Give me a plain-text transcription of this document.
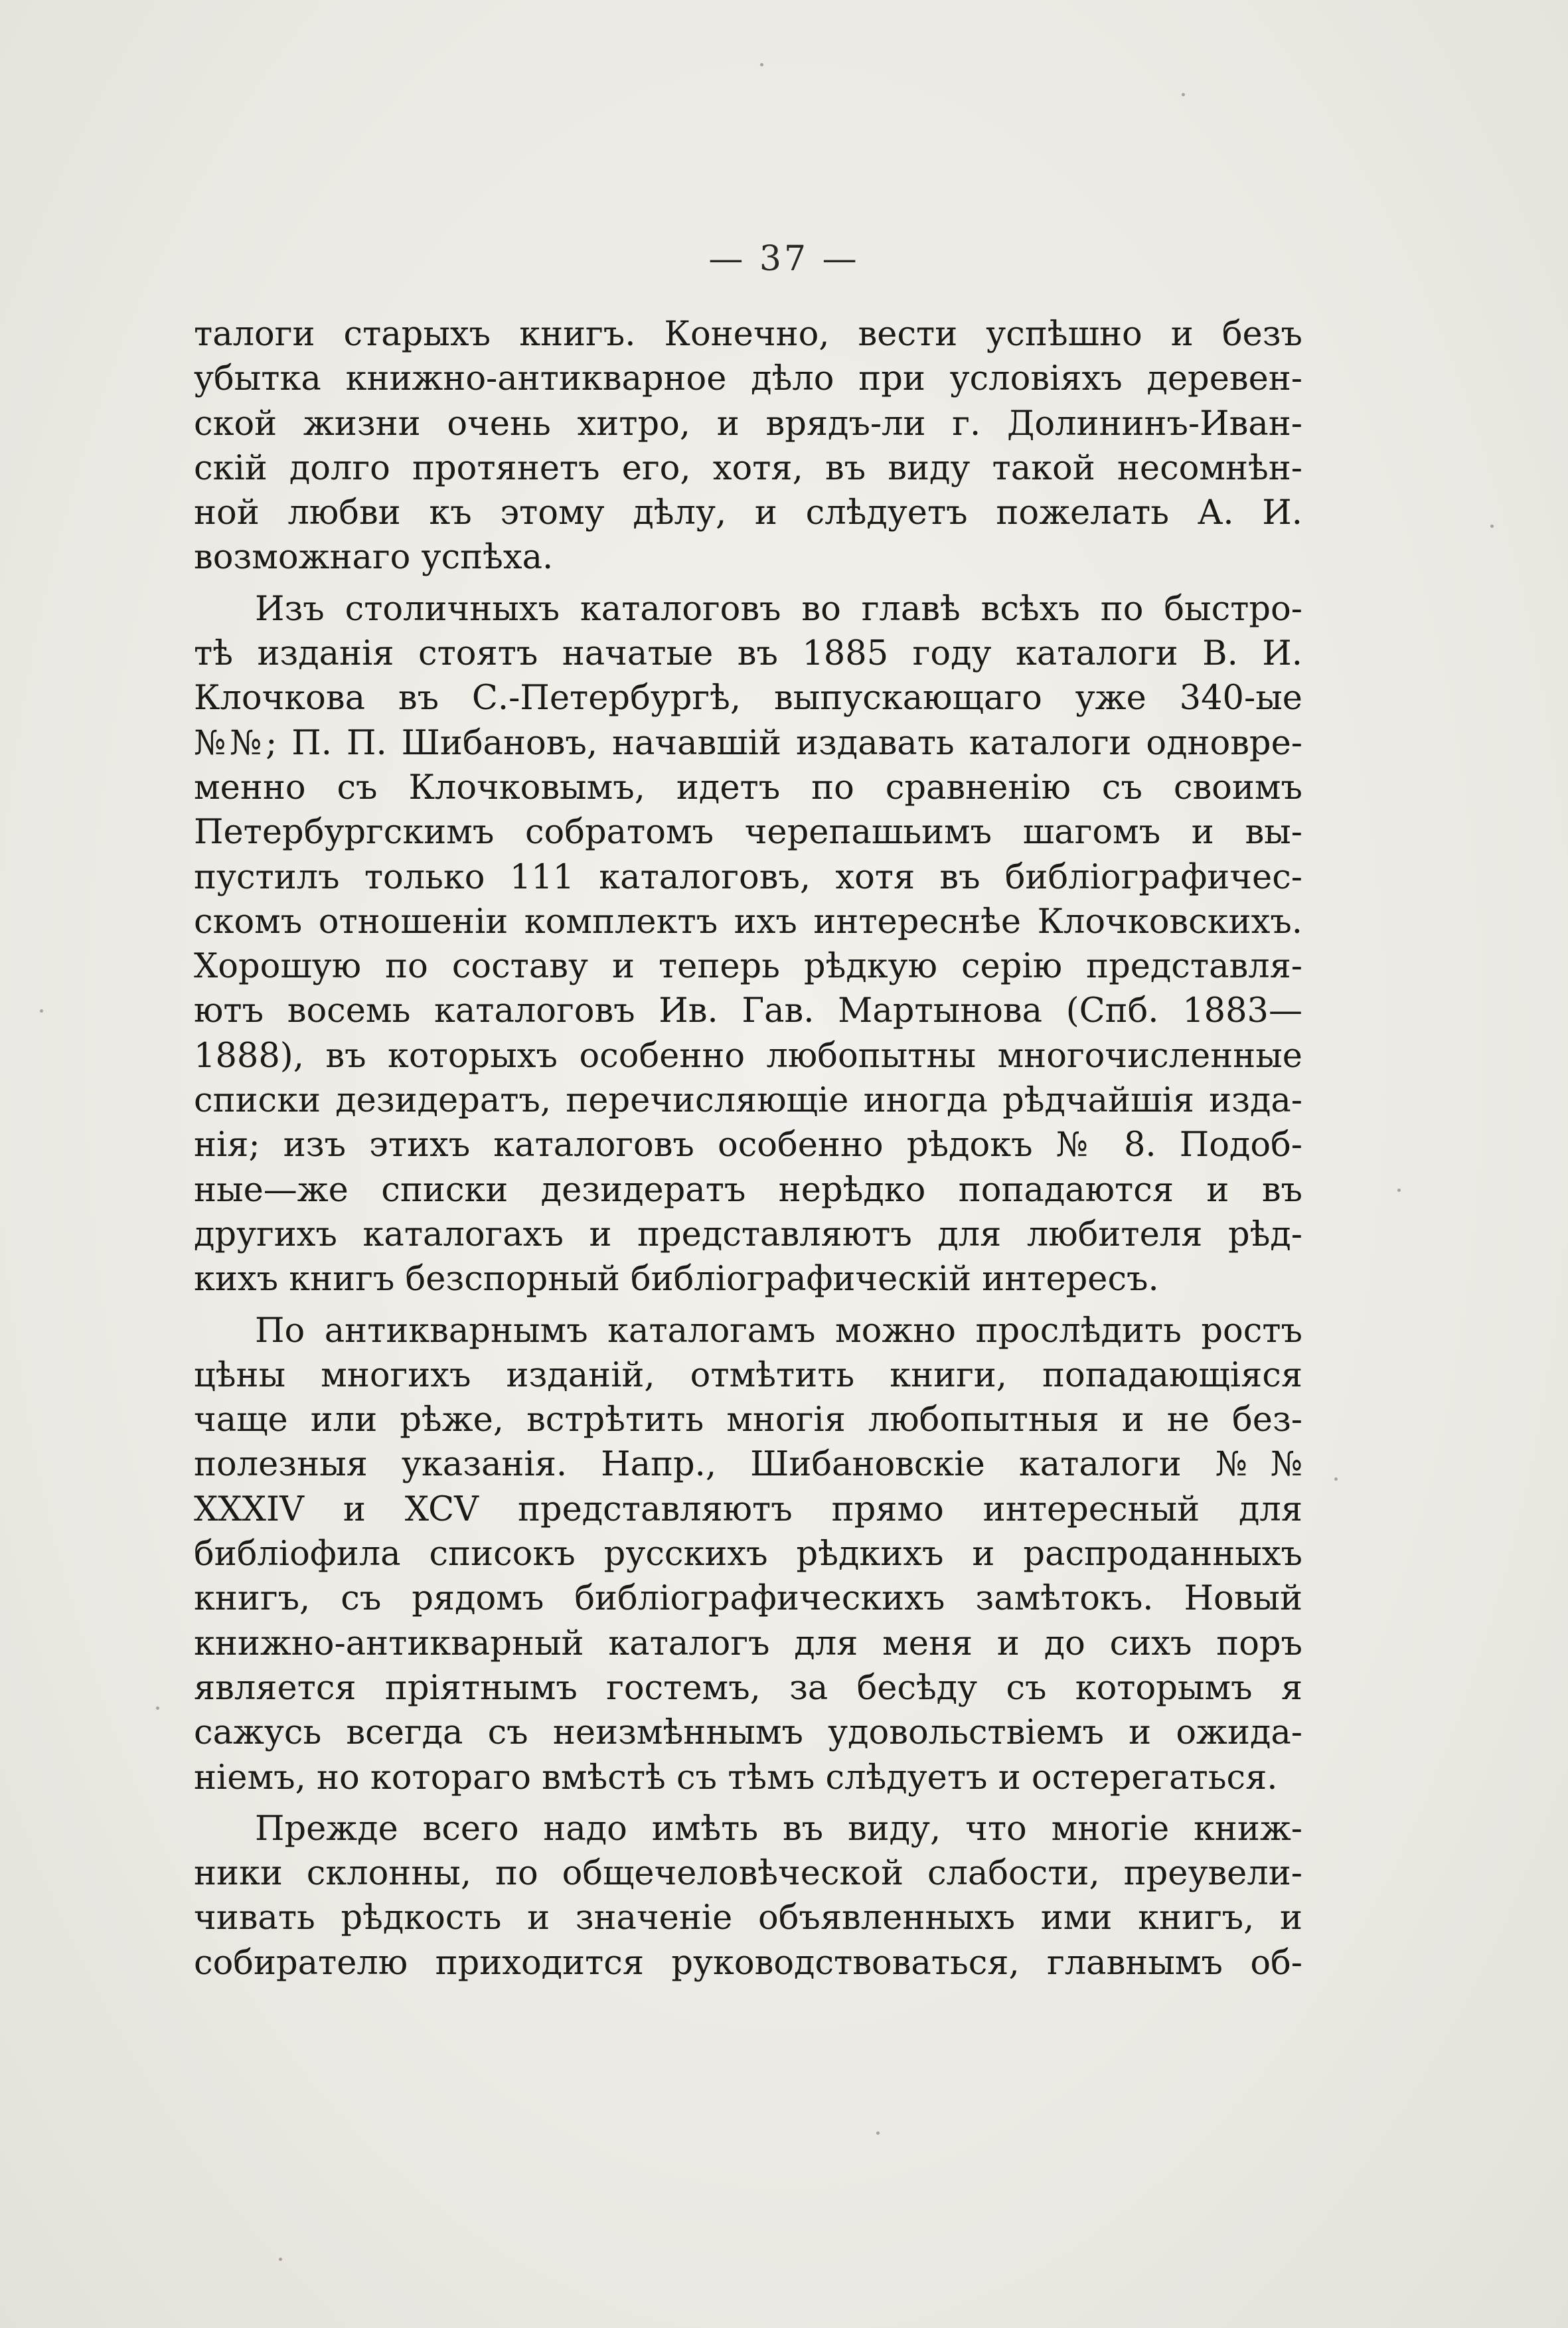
— 37 —
талоги старыхъ книгъ. Конечно, вести успѣшно и безъ
убытка книжно-антикварное дѣло при условiяхъ деревен-
ской жизни очень хитро, и врядъ-ли г. Долининъ-Иван-
скiй долго протянетъ его, хотя, въ виду такой несомнѣн-
ной любви къ этому дѣлу, и слѣдуетъ пожелать А. И.
возможнаго успѣха.
Изъ столичныхъ каталоговъ во главѣ всѣхъ по быстро-
тѣ изданiя стоятъ начатые въ 1885 году каталоги В. И.
Клочкова въ С.-Петербургѣ, выпускающаго уже 340-ые
№№; П. П. Шибановъ, начавшiй издавать каталоги одновре-
менно съ Клочковымъ, идетъ по сравненiю съ своимъ
Петербургскимъ собратомъ черепашьимъ шагомъ и вы-
пустилъ только 111 каталоговъ, хотя въ библiографичес-
скомъ отношенiи комплектъ ихъ интереснѣе Клочковскихъ.
Хорошую по составу и теперь рѣдкую серiю представля-
ютъ восемь каталоговъ Ив. Гав. Мартынова (Спб. 1883—
1888), въ которыхъ особенно любопытны многочисленные
списки дезидератъ, перечисляющiе иногда рѣдчайшiя изда-
нiя; изъ этихъ каталоговъ особенно рѣдокъ № 8. Подоб-
ные—же списки дезидератъ нерѣдко попадаются и въ
другихъ каталогахъ и представляютъ для любителя рѣд-
кихъ книгъ безспорный библiографическiй интересъ.
По антикварнымъ каталогамъ можно прослѣдить ростъ
цѣны многихъ изданiй, отмѣтить книги, попадающiяся
чаще или рѣже, встрѣтить многiя любопытныя и не без-
полезныя указанiя. Напр., Шибановскiе каталоги №№
XXXIV и XCV представляютъ прямо интересный для
библiофила списокъ русскихъ рѣдкихъ и распроданныхъ
книгъ, съ рядомъ библiографическихъ замѣтокъ. Новый
книжно-антикварный каталогъ для меня и до сихъ поръ
является прiятнымъ гостемъ, за бесѣду съ которымъ я
сажусь всегда съ неизмѣннымъ удовольствiемъ и ожида-
нiемъ, но котораго вмѣстѣ съ тѣмъ слѣдуетъ и остерегаться.
Прежде всего надо имѣть въ виду, что многiе книж-
ники склонны, по общечеловѣческой слабости, преувели-
чивать рѣдкость и значенiе объявленныхъ ими книгъ, и
собирателю приходится руководствоваться, главнымъ об-
